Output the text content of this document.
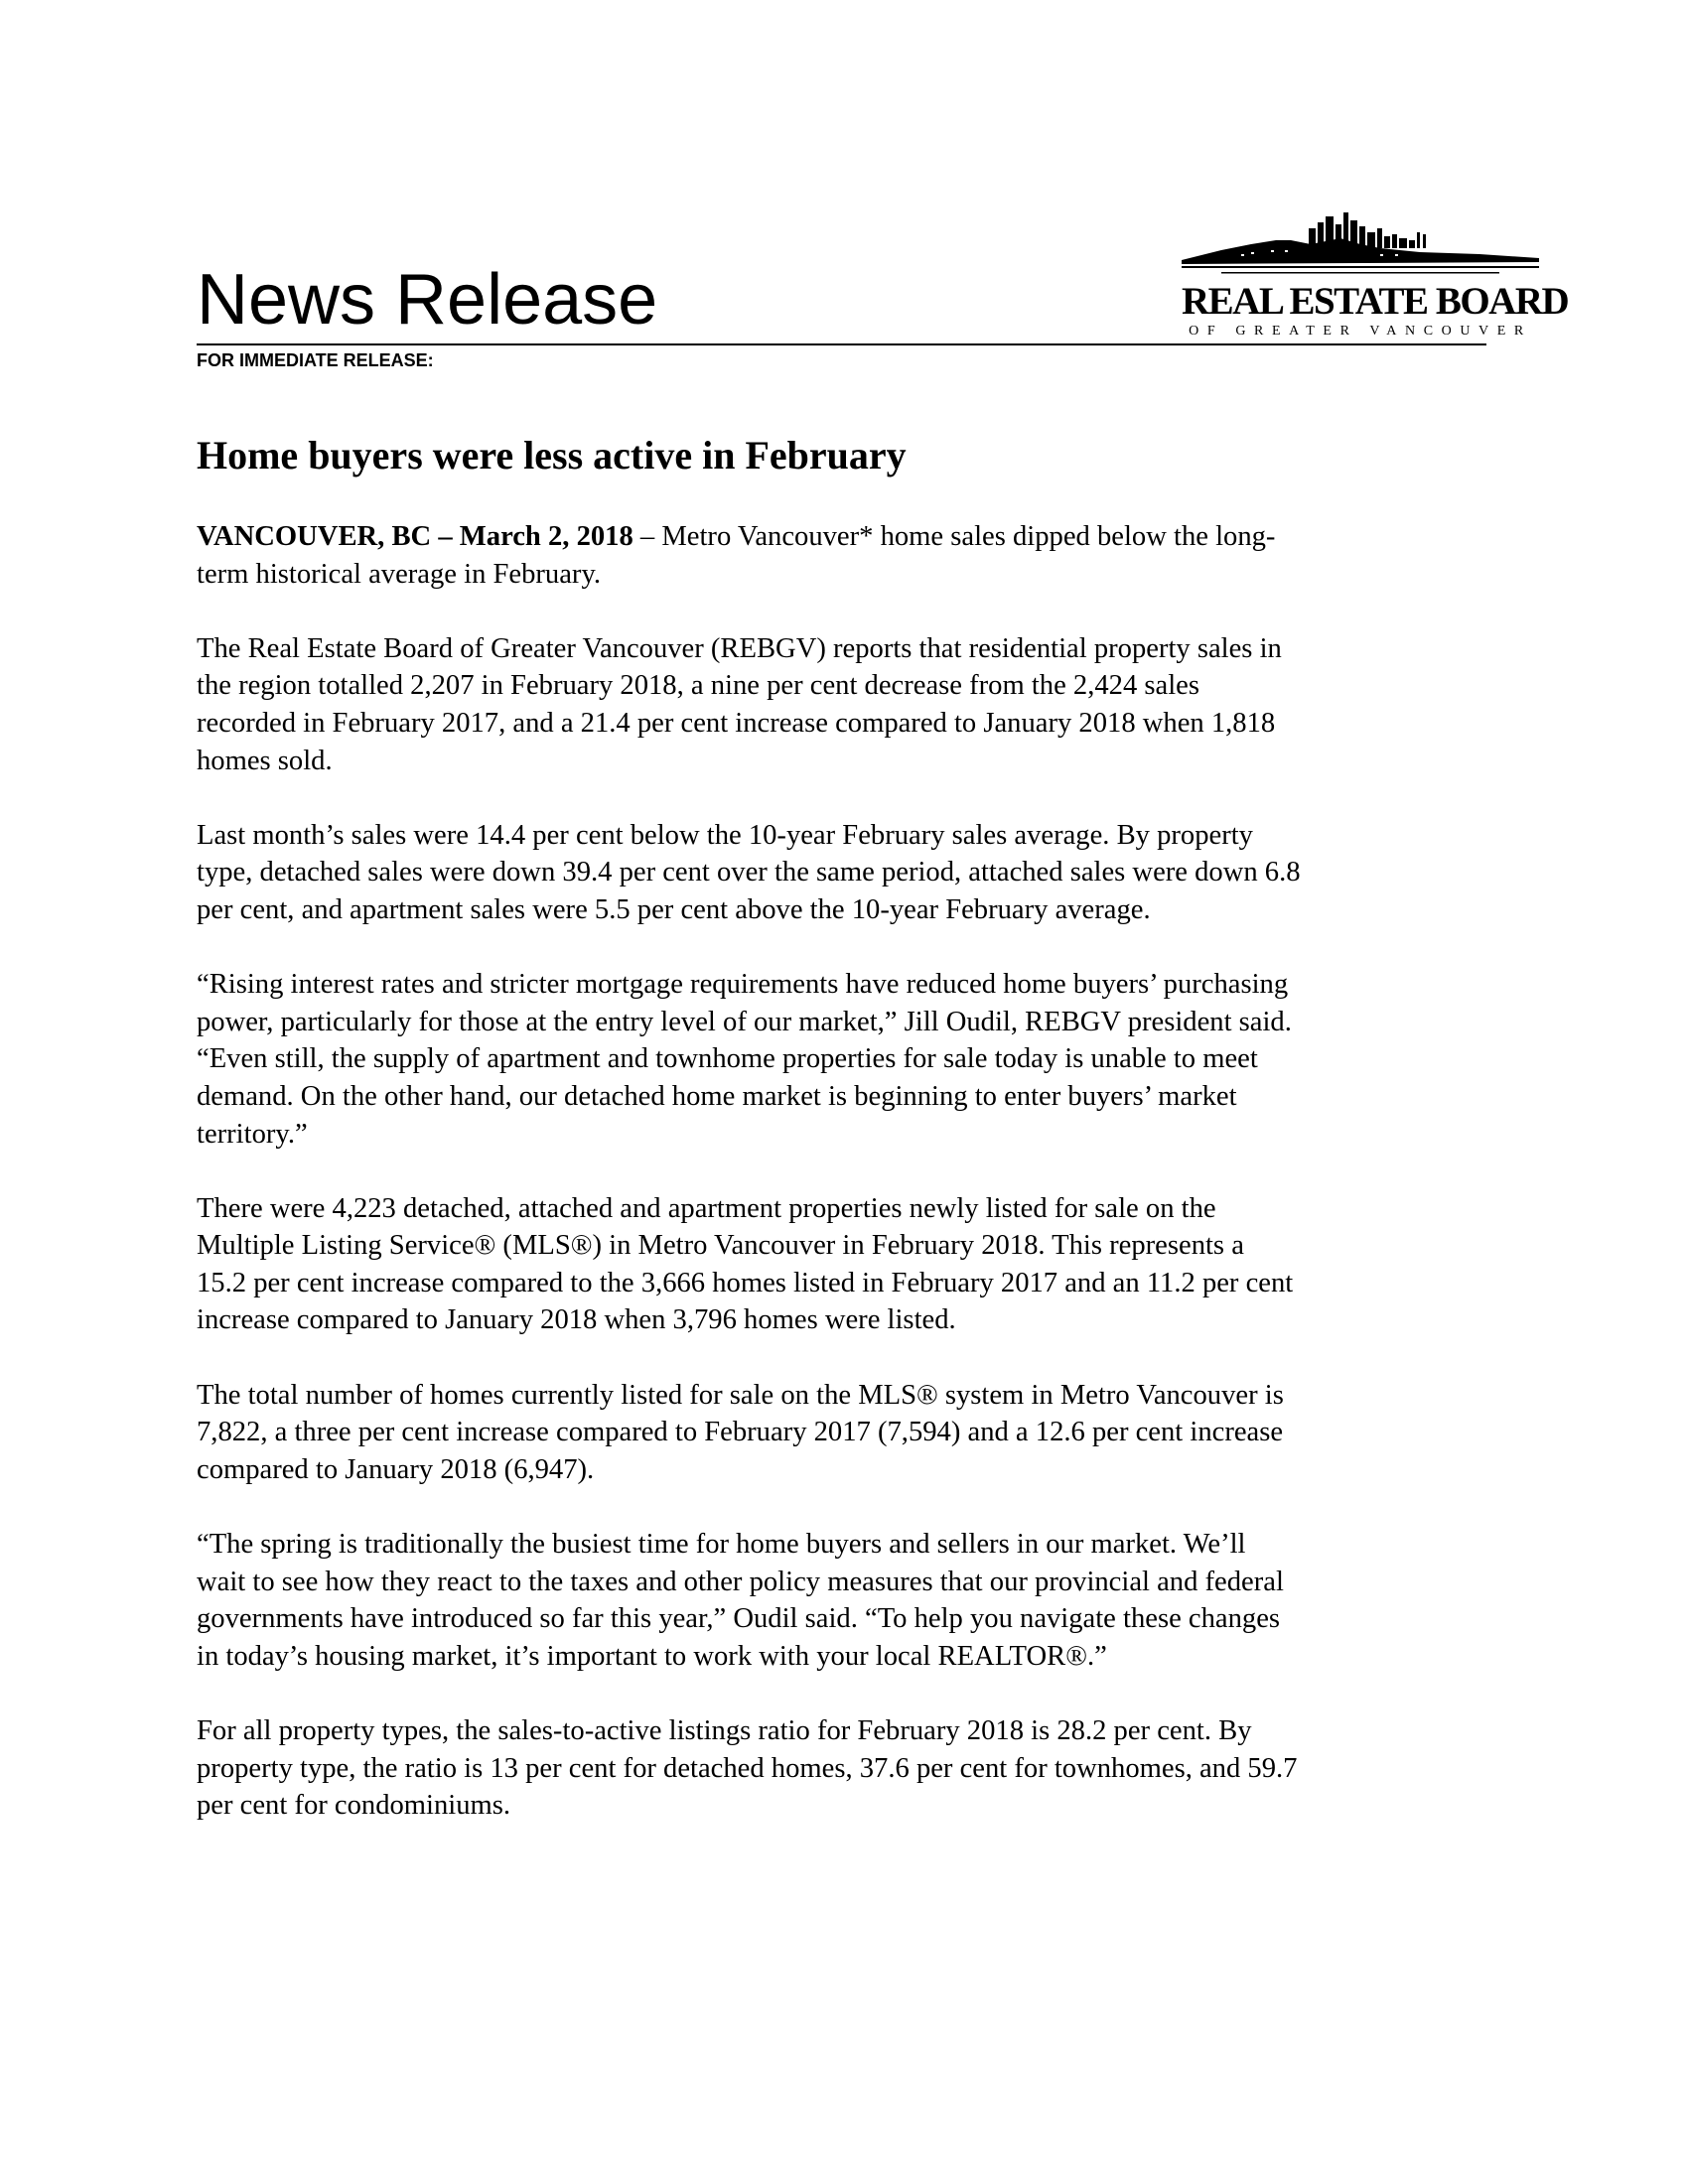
REAL ESTATE BOARD
OF GREATER VANCOUVER
News Release
FOR IMMEDIATE RELEASE:
Home buyers were less active in February

VANCOUVER, BC – March 2, 2018 – Metro Vancouver* home sales dipped below the long-
term historical average in February.

The Real Estate Board of Greater Vancouver (REBGV) reports that residential property sales in
the region totalled 2,207 in February 2018, a nine per cent decrease from the 2,424 sales
recorded in February 2017, and a 21.4 per cent increase compared to January 2018 when 1,818
homes sold.

Last month’s sales were 14.4 per cent below the 10-year February sales average. By property
type, detached sales were down 39.4 per cent over the same period, attached sales were down 6.8
per cent, and apartment sales were 5.5 per cent above the 10-year February average.

“Rising interest rates and stricter mortgage requirements have reduced home buyers’ purchasing
power, particularly for those at the entry level of our market,” Jill Oudil, REBGV president said.
“Even still, the supply of apartment and townhome properties for sale today is unable to meet
demand. On the other hand, our detached home market is beginning to enter buyers’ market
territory.”

There were 4,223 detached, attached and apartment properties newly listed for sale on the
Multiple Listing Service® (MLS®) in Metro Vancouver in February 2018. This represents a
15.2 per cent increase compared to the 3,666 homes listed in February 2017 and an 11.2 per cent
increase compared to January 2018 when 3,796 homes were listed.

The total number of homes currently listed for sale on the MLS® system in Metro Vancouver is
7,822, a three per cent increase compared to February 2017 (7,594) and a 12.6 per cent increase
compared to January 2018 (6,947).

“The spring is traditionally the busiest time for home buyers and sellers in our market. We’ll
wait to see how they react to the taxes and other policy measures that our provincial and federal
governments have introduced so far this year,” Oudil said. “To help you navigate these changes
in today’s housing market, it’s important to work with your local REALTOR®.”

For all property types, the sales-to-active listings ratio for February 2018 is 28.2 per cent. By
property type, the ratio is 13 per cent for detached homes, 37.6 per cent for townhomes, and 59.7
per cent for condominiums.
